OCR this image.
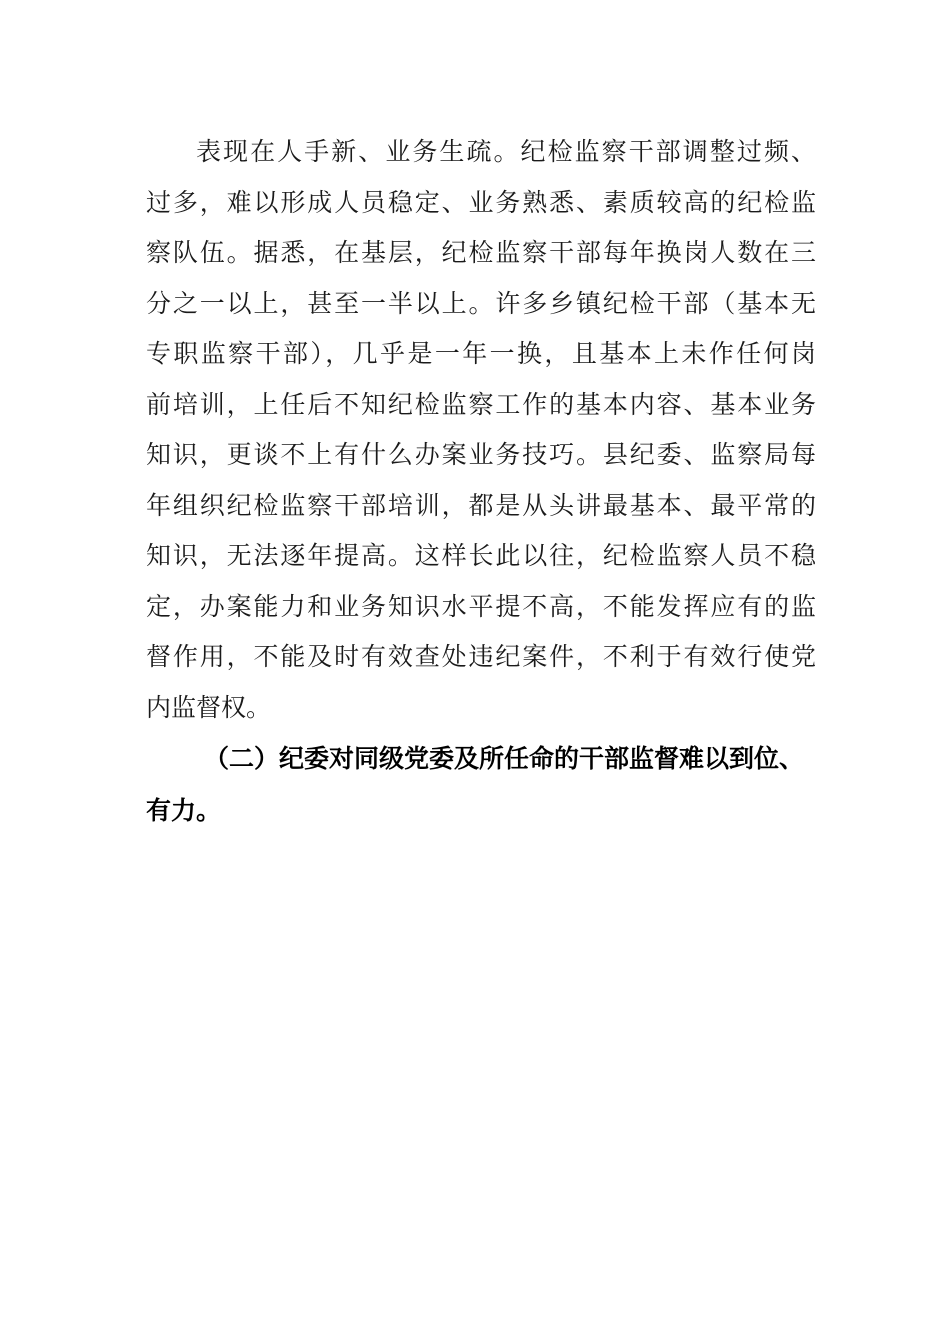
表现在人手新、业务生疏。纪检监察干部调整过频、
过多，难以形成人员稳定、业务熟悉、素质较高的纪检监
察队伍。据悉，在基层，纪检监察干部每年换岗人数在三
分之一以上，甚至一半以上。许多乡镇纪检干部（基本无
专职监察干部），几乎是一年一换，且基本上未作任何岗
前培训，上任后不知纪检监察工作的基本内容、基本业务
知识，更谈不上有什么办案业务技巧。县纪委、监察局每
年组织纪检监察干部培训，都是从头讲最基本、最平常的
知识，无法逐年提高。这样长此以往，纪检监察人员不稳
定，办案能力和业务知识水平提不高，不能发挥应有的监
督作用，不能及时有效查处违纪案件，不利于有效行使党
内监督权。
（二）纪委对同级党委及所任命的干部监督难以到位、
有力。
